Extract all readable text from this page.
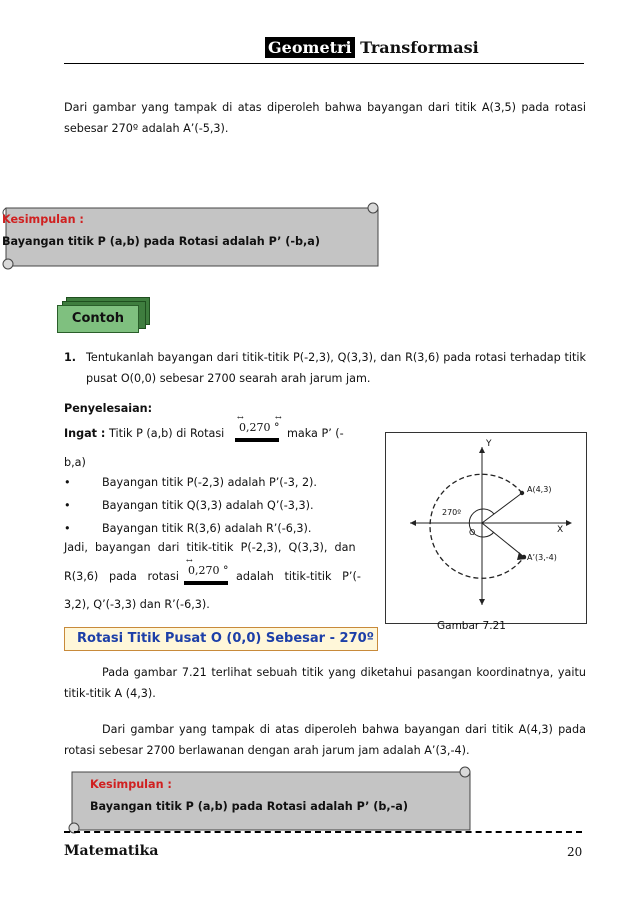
Geometri Transformasi
Dari gambar yang tampak di atas diperoleh bahwa bayangan dari titik A(3,5) pada rotasi sebesar 270º adalah A’(-5,3).
Kesimpulan :
Bayangan titik P (a,b) pada Rotasi adalah P’ (-b,a)
Contoh
1. Tentukanlah bayangan dari titik-titik P(-2,3), Q(3,3), dan R(3,6) pada rotasi terhadap titik pusat O(0,0) sebesar 2700 searah arah jarum jam.
Penyelesaian:
Ingat : Titik P (a,b) di Rotasi
↔	↔
0,270 ° maka P’ (-
b,a)
•	Bayangan titik P(-2,3) adalah P’(-3, 2).
•	Bayangan titik Q(3,3) adalah Q’(-3,3).
•	Bayangan titik R(3,6) adalah R’(-6,3).
Jadi,  bayangan  dari  titik-titik  P(-2,3),  Q(3,3),  dan
R(3,6)   pada   rotasi
↔
0,270 ° adalah   titik-titik   P’(-
3,2), Q’(-3,3) dan R’(-6,3).
Y
X
O
270º
A(4,3)
A’(3,-4)
Gambar 7.21
Rotasi Titik Pusat O (0,0) Sebesar - 270º
Pada gambar 7.21 terlihat sebuah titik yang diketahui pasangan koordinatnya, yaitu titik-titik A (4,3).
Dari gambar yang tampak di atas diperoleh bahwa bayangan dari titik A(4,3) pada rotasi sebesar 2700 berlawanan dengan arah jarum jam adalah A’(3,-4).
Kesimpulan :
Bayangan titik P (a,b) pada Rotasi adalah P’ (b,-a)
Matematika	20
